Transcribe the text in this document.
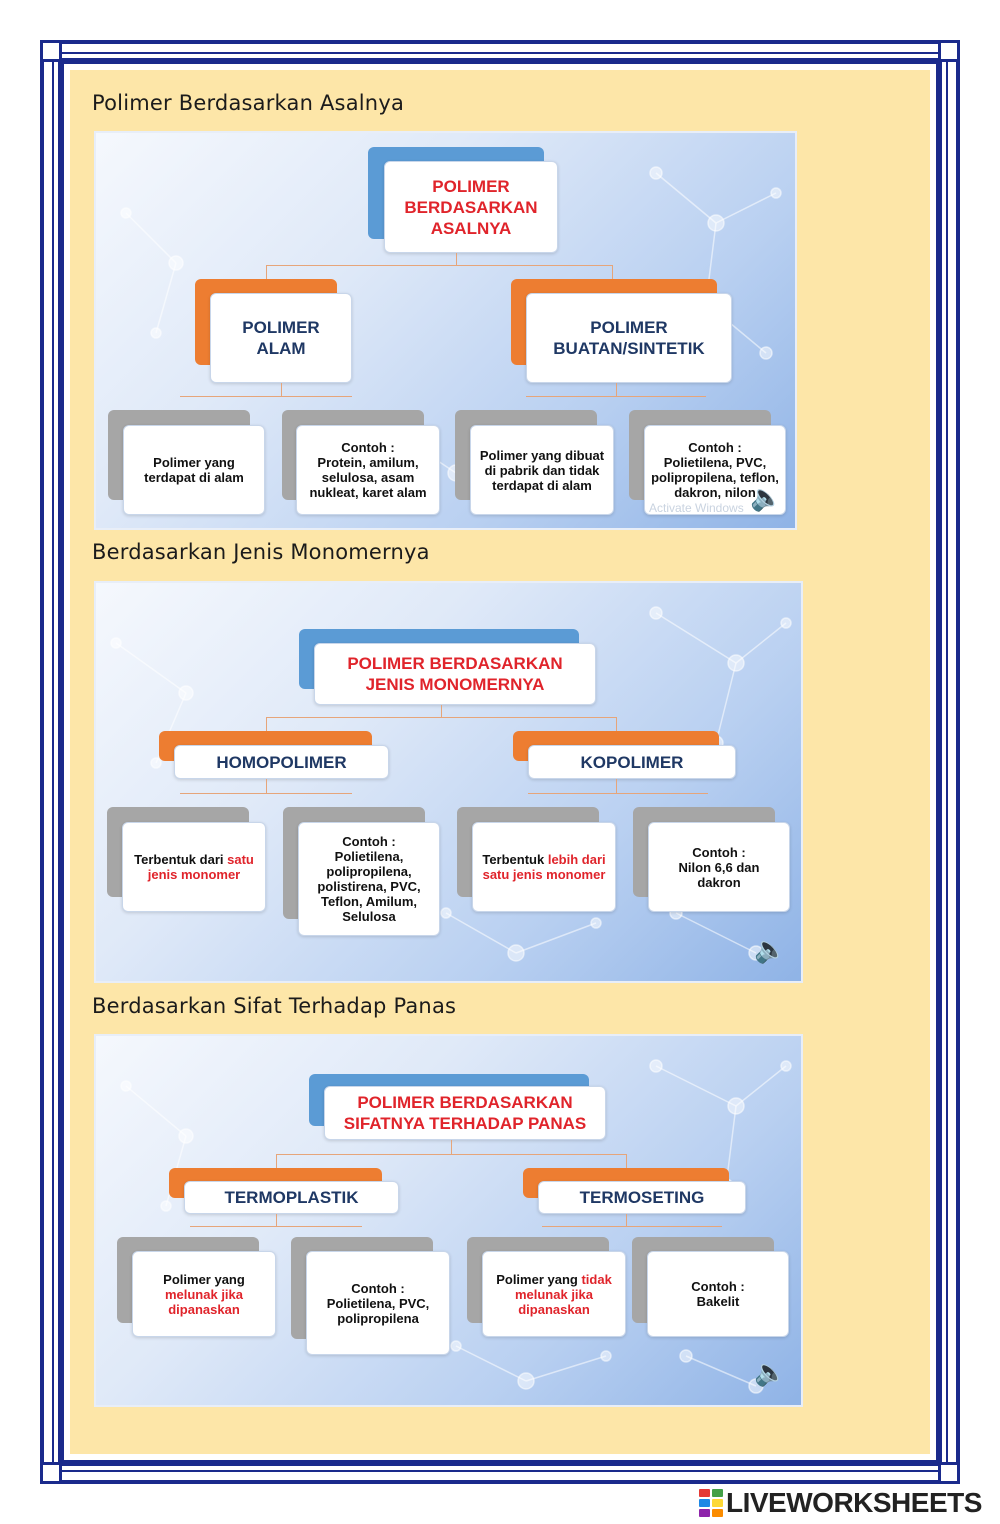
Polimer Berdasarkan Asalnya
POLIMER
BERDASARKAN
ASALNYA
POLIMER
ALAM
POLIMER
BUATAN/SINTETIK
Polimer yang
terdapat di alam
Contoh :
Protein, amilum,
selulosa, asam
nukleat, karet alam
Polimer yang dibuat
di pabrik dan tidak
terdapat di alam
Contoh :
Polietilena, PVC,
polipropilena, teflon,
dakron, nilon
Activate Windows 🔈
Berdasarkan Jenis Monomernya
POLIMER BERDASARKAN
JENIS MONOMERNYA
HOMOPOLIMER	KOPOLIMER
Terbentuk dari satu
jenis monomer
Contoh :
Polietilena,
polipropilena,
polistirena, PVC,
Teflon, Amilum,
Selulosa
Terbentuk lebih dari
satu jenis monomer
Contoh :
Nilon 6,6 dan
dakron
🔈
Berdasarkan Sifat Terhadap Panas
POLIMER BERDASARKAN
SIFATNYA TERHADAP PANAS
TERMOPLASTIK	TERMOSETING
Polimer yang
melunak jika
dipanaskan
Contoh :
Polietilena, PVC,
polipropilena
Polimer yang tidak
melunak jika
dipanaskan
Contoh :
Bakelit
🔈
LIVEWORKSHEETS
